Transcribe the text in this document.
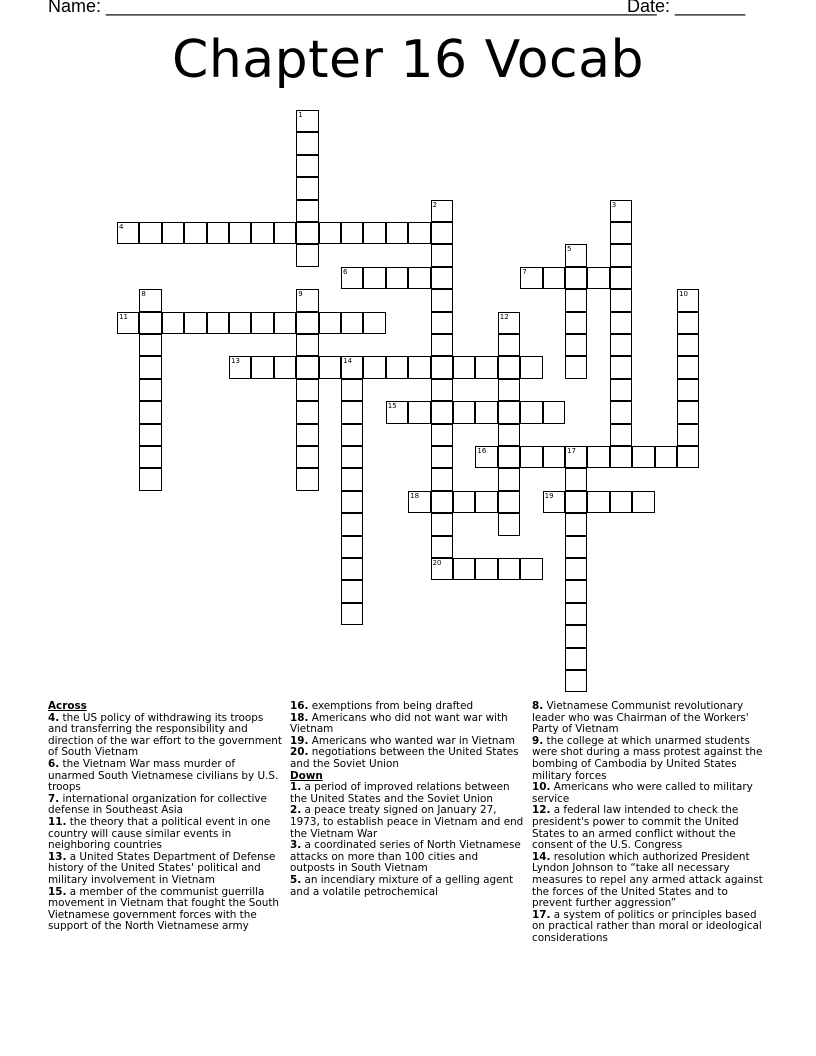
Name: _______________________________________________________
Date: _______
Chapter 16 Vocab
4
6	7
11
13	14
15
16	17
18	19
20
1
2	3
5
8	9	10
12
Across

4. the US policy of withdrawing its troops and transferring the responsibility and direction of the war effort to the government of South Vietnam

6. the Vietnam War mass murder of unarmed South Vietnamese civilians by U.S. troops

7. international organization for collective defense in Southeast Asia

11. the theory that a political event in one country will cause similar events in neighboring countries

13. a United States Department of Defense history of the United States' political and military involvement in Vietnam

15. a member of the communist guerrilla movement in Vietnam that fought the South Vietnamese government forces with the support of the North Vietnamese army

16. exemptions from being drafted

18. Americans who did not want war with Vietnam

19. Americans who wanted war in Vietnam

20. negotiations between the United States and the Soviet Union

Down

1. a period of improved relations between the United States and the Soviet Union

2. a peace treaty signed on January 27, 1973, to establish peace in Vietnam and end the Vietnam War

3. a coordinated series of North Vietnamese attacks on more than 100 cities and outposts in South Vietnam

5. an incendiary mixture of a gelling agent and a volatile petrochemical

8. Vietnamese Communist revolutionary leader who was Chairman of the Workers' Party of Vietnam

9. the college at which unarmed students were shot during a mass protest against the bombing of Cambodia by United States military forces

10. Americans who were called to military service

12. a federal law intended to check the president's power to commit the United States to an armed conflict without the consent of the U.S. Congress

14. resolution which authorized President Lyndon Johnson to “take all necessary measures to repel any armed attack against the forces of the United States and to prevent further aggression”

17. a system of politics or principles based on practical rather than moral or ideological considerations
